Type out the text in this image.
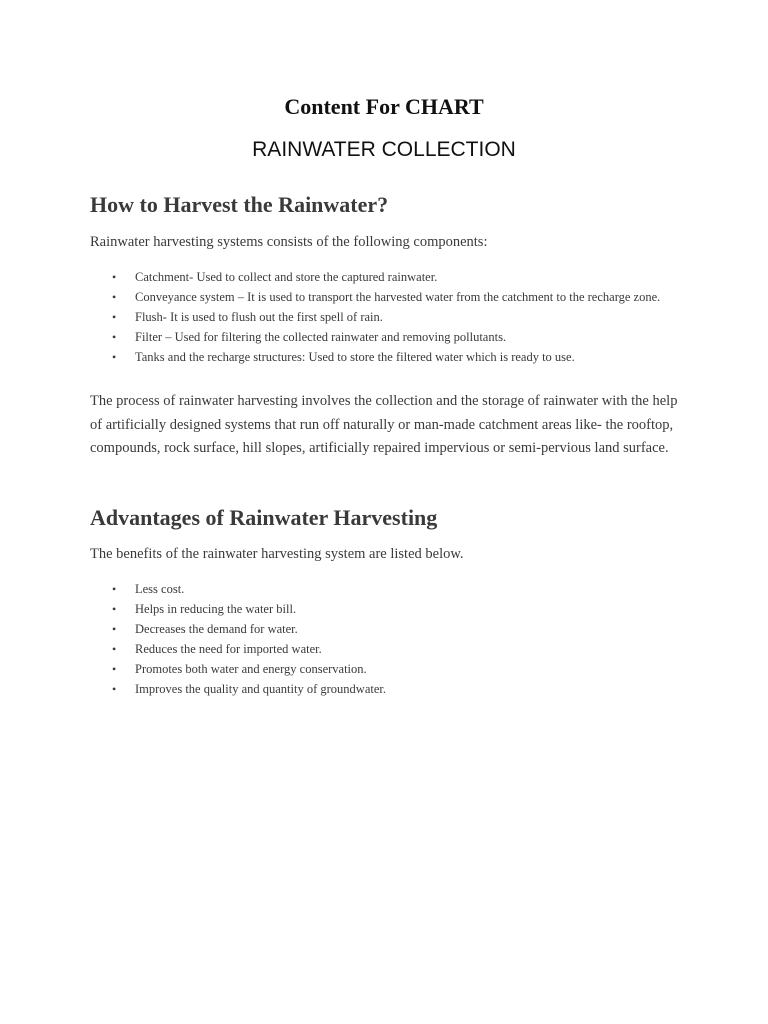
Content For CHART
RAINWATER COLLECTION
How to Harvest the Rainwater?

Rainwater harvesting systems consists of the following components:

• Catchment- Used to collect and store the captured rainwater.
• Conveyance system – It is used to transport the harvested water from the catchment to the recharge zone.
• Flush- It is used to flush out the first spell of rain.
• Filter – Used for filtering the collected rainwater and removing pollutants.
• Tanks and the recharge structures: Used to store the filtered water which is ready to use.

The process of rainwater harvesting involves the collection and the storage of rainwater with the help of artificially designed systems that run off naturally or man-made catchment areas like- the rooftop, compounds, rock surface, hill slopes, artificially repaired impervious or semi-pervious land surface.

Advantages of Rainwater Harvesting

The benefits of the rainwater harvesting system are listed below.

• Less cost.
• Helps in reducing the water bill.
• Decreases the demand for water.
• Reduces the need for imported water.
• Promotes both water and energy conservation.
• Improves the quality and quantity of groundwater.
